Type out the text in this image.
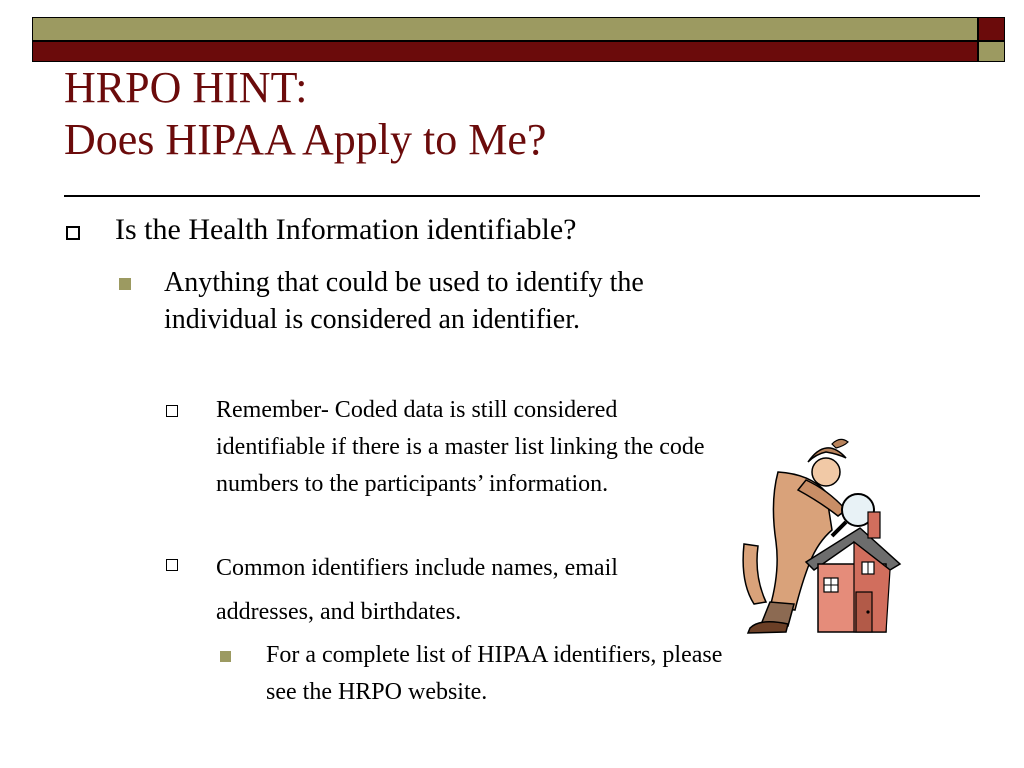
HRPO HINT:
Does HIPAA Apply to Me?
Is the Health Information identifiable?
Anything that could be used to identify the individual is considered an identifier.
Remember- Coded data is still considered identifiable if there is a master list linking the code numbers to the participants’ information.
Common identifiers include names, email addresses, and birthdates.
For a complete list of HIPAA identifiers, please see the HRPO website.
